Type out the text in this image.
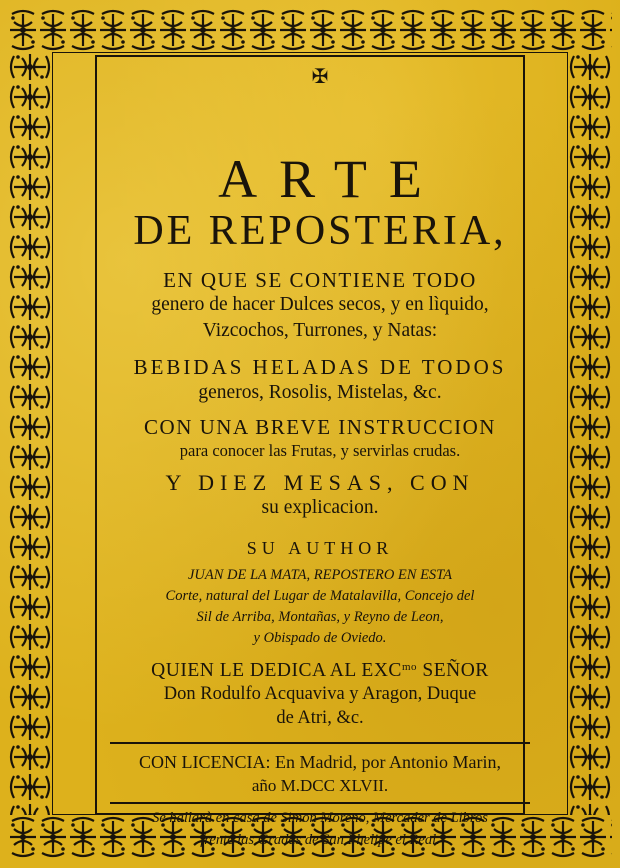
✠
ARTE
DE REPOSTERIA,
EN QUE SE CONTIENE TODO
genero de hacer Dulces secos, y en lìquido,
Vizcochos, Turrones, y Natas:
BEBIDAS HELADAS DE TODOS
generos, Rosolis, Mistelas, &c.
CON UNA BREVE INSTRUCCION
para conocer las Frutas, y servirlas crudas.
Y DIEZ MESAS, CON
su explicacion.
SU AUTHOR
JUAN DE LA MATA, REPOSTERO EN ESTA
Corte, natural del Lugar de Matalavilla, Concejo del
Sil de Arriba, Montañas, y Reyno de Leon,
y Obispado de Oviedo.
QUIEN LE DEDICA AL $EXC^{mo}$ SEÑOR
Don Rodulfo Acquaviva y Aragon, Duque
de Atri, &c.
CON LICENCIA: En Madrid, por Antonio Marin,
año M.DCC XLVII.
Se hallarà en casa de Simon Moreno, Mercader de Libros
frente las Gradas de San Phelipe el Real.
